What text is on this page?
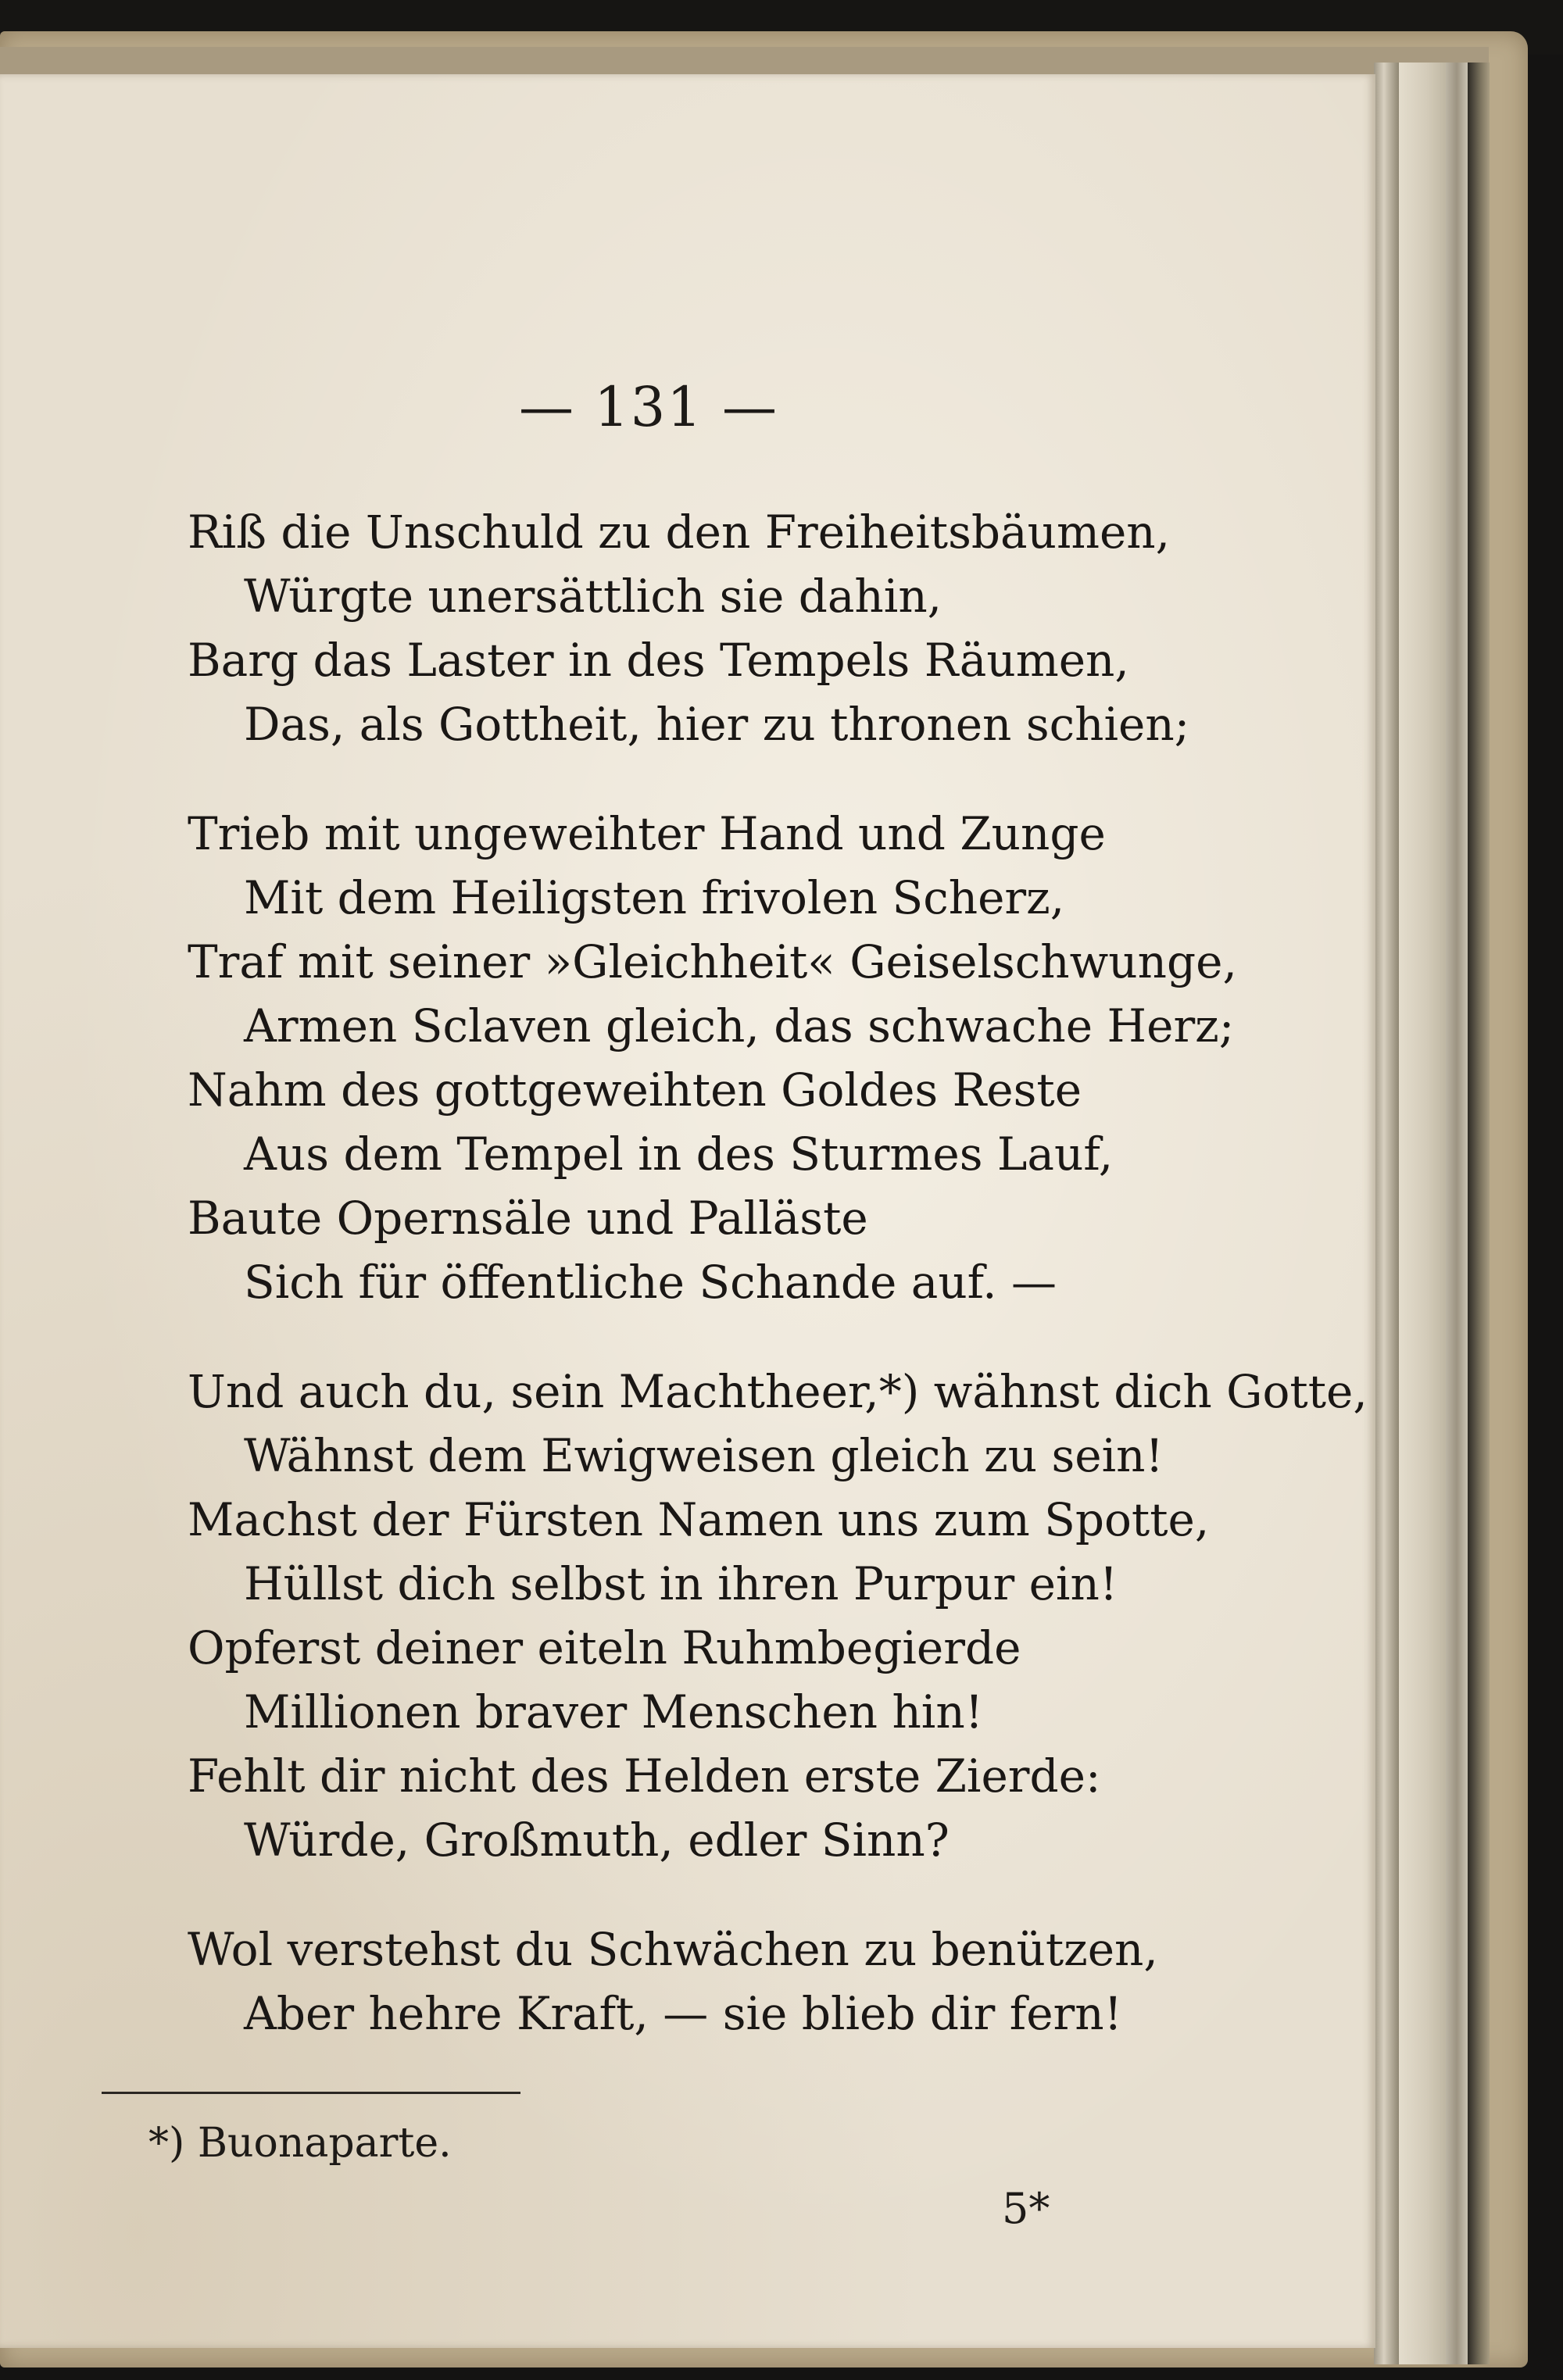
— 131 —
Riß die Unschuld zu den Freiheitsbäumen,
Würgte unersättlich sie dahin,
Barg das Laster in des Tempels Räumen,
Das, als Gottheit, hier zu thronen schien;
Trieb mit ungeweihter Hand und Zunge
Mit dem Heiligsten frivolen Scherz,
Traf mit seiner »Gleichheit« Geiselschwunge,
Armen Sclaven gleich, das schwache Herz;
Nahm des gottgeweihten Goldes Reste
Aus dem Tempel in des Sturmes Lauf,
Baute Opernsäle und Palläste
Sich für öffentliche Schande auf. —
Und auch du, sein Machtheer,*) wähnst dich Gotte,
Wähnst dem Ewigweisen gleich zu sein!
Machst der Fürsten Namen uns zum Spotte,
Hüllst dich selbst in ihren Purpur ein!
Opferst deiner eiteln Ruhmbegierde
Millionen braver Menschen hin!
Fehlt dir nicht des Helden erste Zierde:
Würde, Großmuth, edler Sinn?
Wol verstehst du Schwächen zu benützen,
Aber hehre Kraft, — sie blieb dir fern!
*) Buonaparte.
5*
